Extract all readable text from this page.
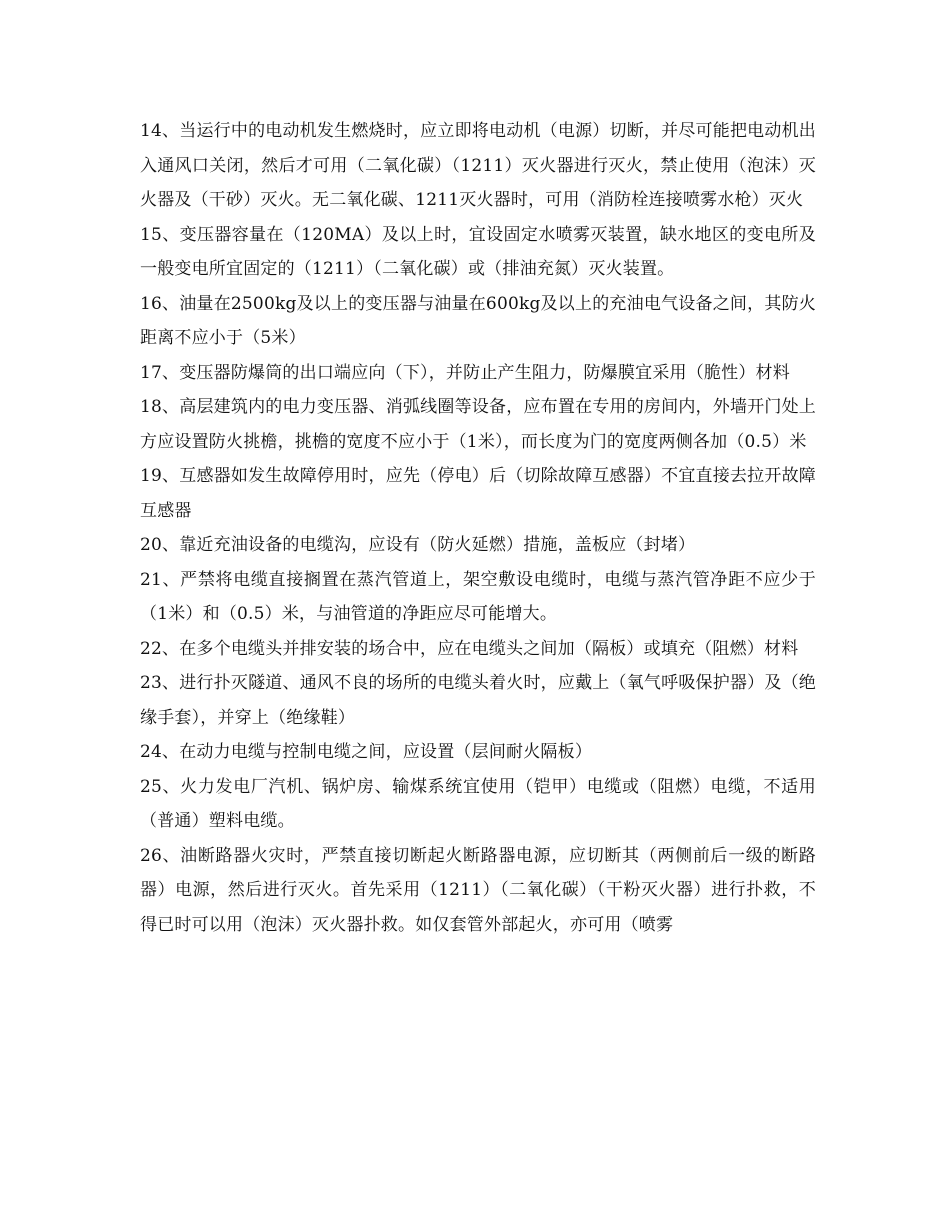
14、当运行中的电动机发生燃烧时，应立即将电动机（电源）切断，并尽可能把电动机出入通风口关闭，然后才可用（二氧化碳）（1211）灭火器进行灭火，禁止使用（泡沫）灭火器及（干砂）灭火。无二氧化碳、1211灭火器时，可用（消防栓连接喷雾水枪）灭火

15、变压器容量在（120MA）及以上时，宜设固定水喷雾灭装置，缺水地区的变电所及一般变电所宜固定的（1211）（二氧化碳）或（排油充氮）灭火装置。

16、油量在2500kg及以上的变压器与油量在600kg及以上的充油电气设备之间，其防火距离不应小于（5米）

17、变压器防爆筒的出口端应向（下），并防止产生阻力，防爆膜宜采用（脆性）材料

18、高层建筑内的电力变压器、消弧线圈等设备，应布置在专用的房间内，外墙开门处上方应设置防火挑檐，挑檐的宽度不应小于（1米），而长度为门的宽度两侧各加（0.5）米

19、互感器如发生故障停用时，应先（停电）后（切除故障互感器）不宜直接去拉开故障互感器

20、靠近充油设备的电缆沟，应设有（防火延燃）措施，盖板应（封堵）

21、严禁将电缆直接搁置在蒸汽管道上，架空敷设电缆时，电缆与蒸汽管净距不应少于（1米）和（0.5）米，与油管道的净距应尽可能增大。

22、在多个电缆头并排安装的场合中，应在电缆头之间加（隔板）或填充（阻燃）材料

23、进行扑灭隧道、通风不良的场所的电缆头着火时，应戴上（氧气呼吸保护器）及（绝缘手套），并穿上（绝缘鞋）

24、在动力电缆与控制电缆之间，应设置（层间耐火隔板）

25、火力发电厂汽机、锅炉房、输煤系统宜使用（铠甲）电缆或（阻燃）电缆，不适用（普通）塑料电缆。

26、油断路器火灾时，严禁直接切断起火断路器电源，应切断其（两侧前后一级的断路器）电源，然后进行灭火。首先采用（1211）（二氧化碳）（干粉灭火器）进行扑救，不得已时可以用（泡沫）灭火器扑救。如仅套管外部起火，亦可用（喷雾
